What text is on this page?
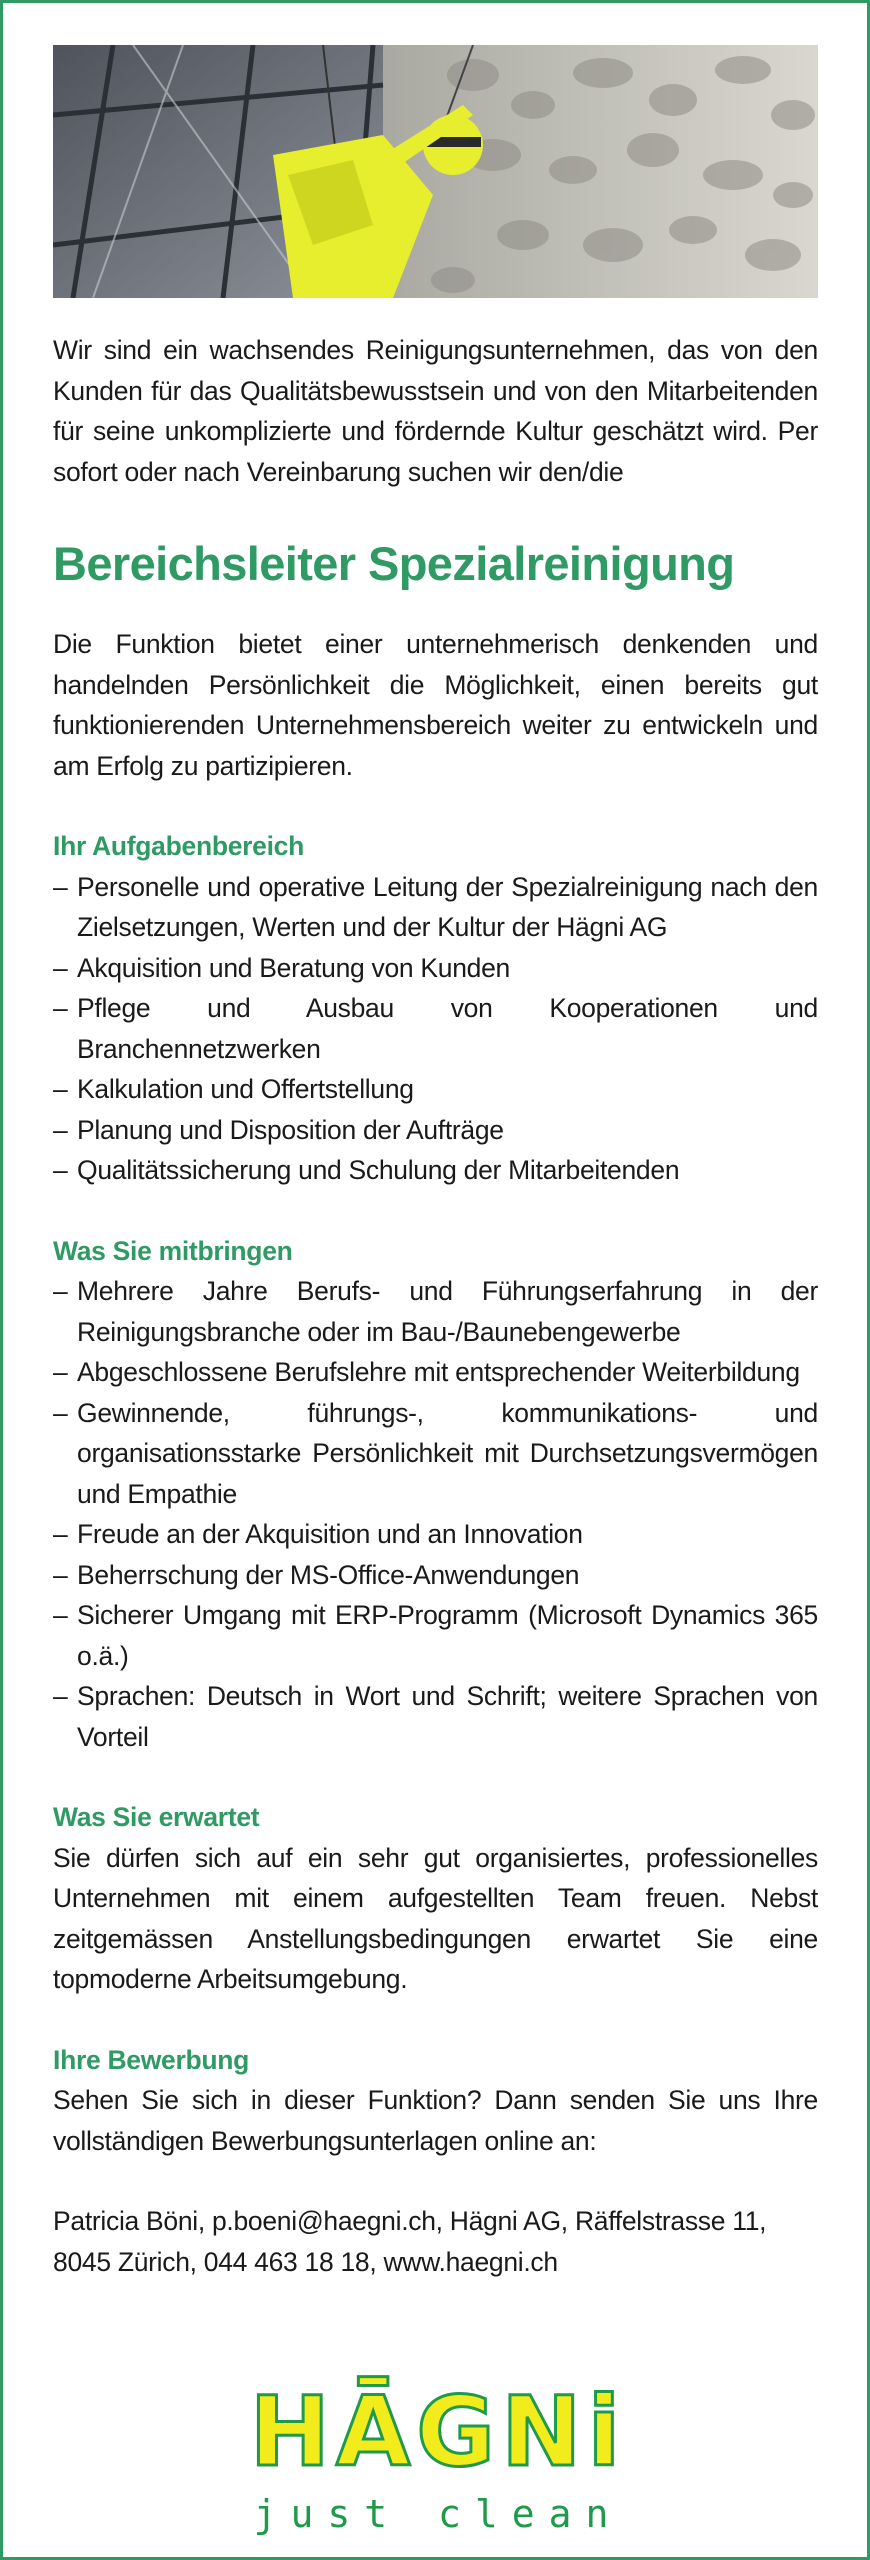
Wir sind ein wachsendes Reinigungsunternehmen, das von den Kunden für das Qualitätsbewusstsein und von den Mitarbeitenden für seine unkomplizierte und fördernde Kultur geschätzt wird. Per sofort oder nach Vereinbarung suchen wir den/die

Bereichsleiter Spezialreinigung

Die Funktion bietet einer unternehmerisch denkenden und handelnden Persönlichkeit die Möglichkeit, einen bereits gut funktionierenden Unternehmensbereich weiter zu entwickeln und am Erfolg zu partizipieren.

Ihr Aufgabenbereich
– Personelle und operative Leitung der Spezialreinigung nach den Zielsetzungen, Werten und der Kultur der Hägni AG
– Akquisition und Beratung von Kunden
– Pflege und Ausbau von Kooperationen und Branchennetzwerken
– Kalkulation und Offertstellung
– Planung und Disposition der Aufträge
– Qualitätssicherung und Schulung der Mitarbeitenden
Was Sie mitbringen
– Mehrere Jahre Berufs- und Führungserfahrung in der Reinigungsbranche oder im Bau-/Baunebengewerbe
– Abgeschlossene Berufslehre mit entsprechender Weiterbildung
– Gewinnende, führungs-, kommunikations- und organisationsstarke Persönlichkeit mit Durchsetzungsvermögen und Empathie
– Freude an der Akquisition und an Innovation
– Beherrschung der MS-Office-Anwendungen
– Sicherer Umgang mit ERP-Programm (Microsoft Dynamics 365 o.ä.)
– Sprachen: Deutsch in Wort und Schrift; weitere Sprachen von Vorteil
Was Sie erwartet

Sie dürfen sich auf ein sehr gut organisiertes, professionelles Unternehmen mit einem aufgestellten Team freuen. Nebst zeitgemässen Anstellungsbedingungen erwartet Sie eine topmoderne Arbeitsumgebung.

Ihre Bewerbung

Sehen Sie sich in dieser Funktion? Dann senden Sie uns Ihre vollständigen Bewerbungsunterlagen online an:

Patricia Böni, p.boeni@haegni.ch, Hägni AG, Räffelstrasse 11,
8045 Zürich, 044 463 18 18, www.haegni.ch
HĀGNi
just clean
